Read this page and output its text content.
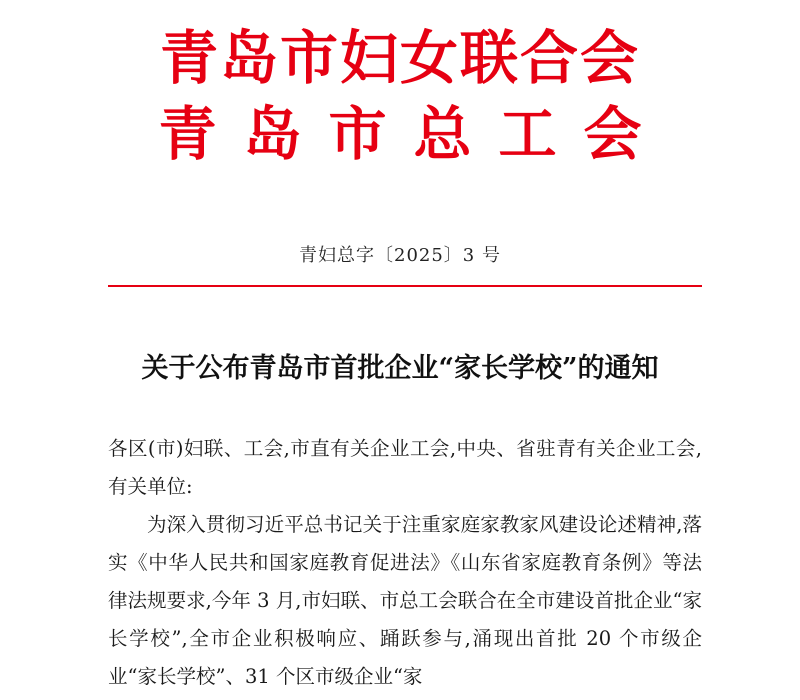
青岛市妇女联合会
青岛市总工会
青妇总字〔2025〕3 号
关于公布青岛市首批企业“家长学校”的通知

各区(市)妇联、工会,市直有关企业工会,中央、省驻青有关企业工会,有关单位:

为深入贯彻习近平总书记关于注重家庭家教家风建设论述精神,落实《中华人民共和国家庭教育促进法》《山东省家庭教育条例》等法律法规要求,今年 3 月,市妇联、市总工会联合在全市建设首批企业“家长学校”,全市企业积极响应、踊跃参与,涌现出首批 20 个市级企业“家长学校”、31 个区市级企业“家
